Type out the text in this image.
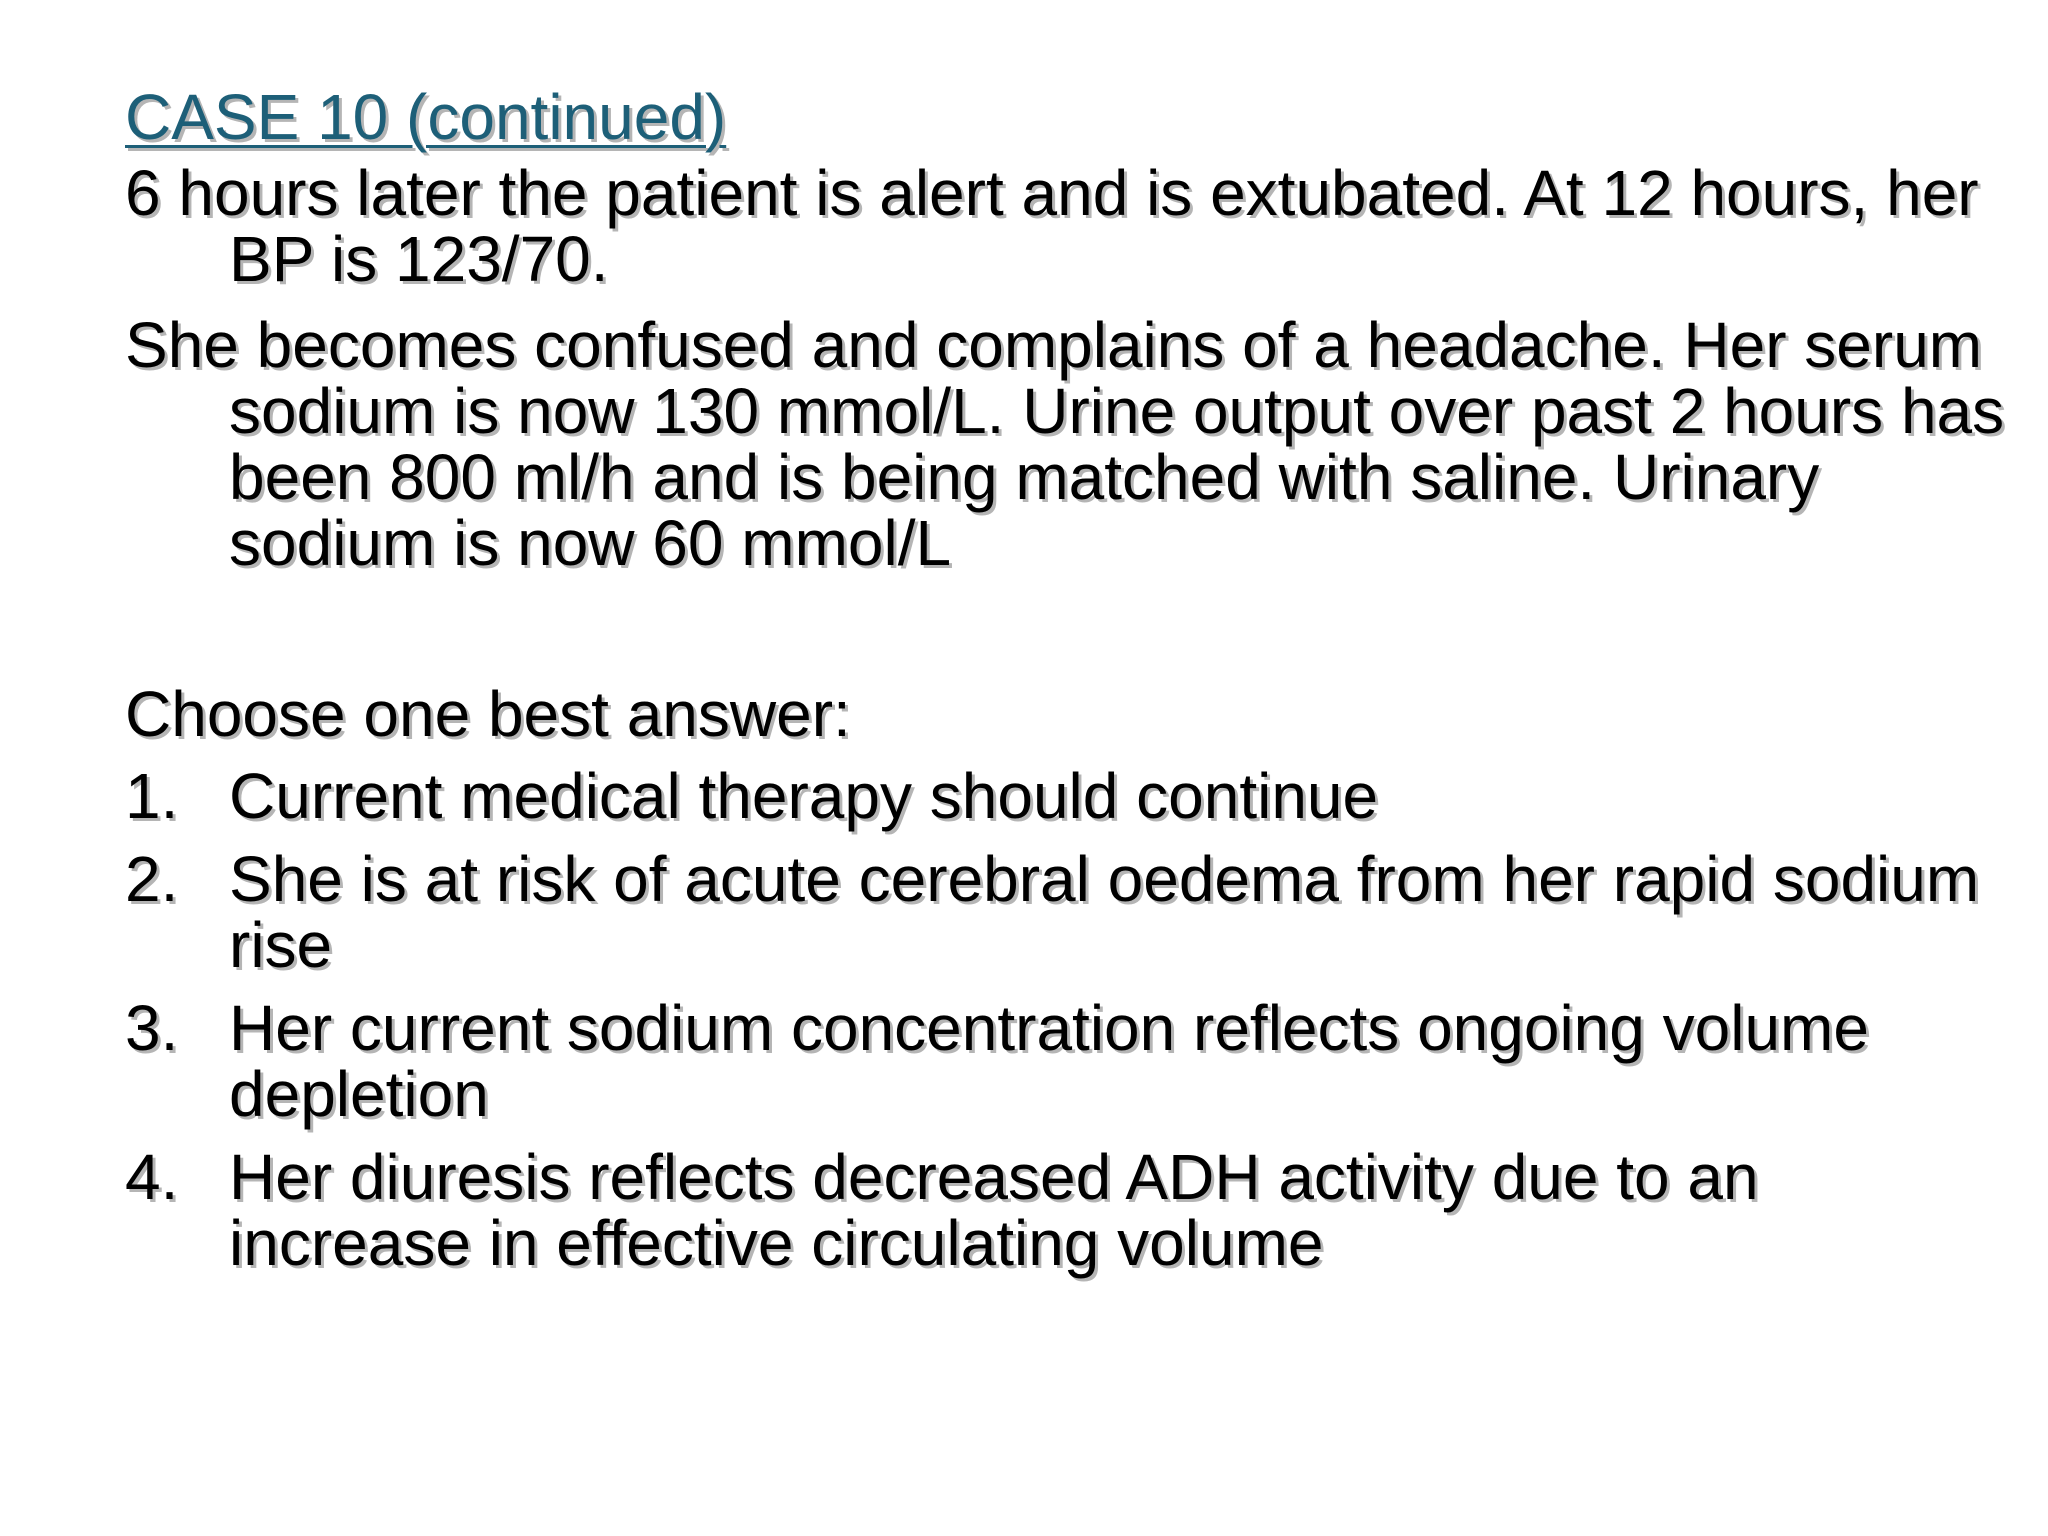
CASE 10 (continued)

6 hours later the patient is alert and is extubated. At 12 hours, her BP is 123/70.

She becomes confused and complains of a headache. Her serum sodium is now 130 mmol/L. Urine output over past 2 hours has been 800 ml/h and is being matched with saline. Urinary sodium is now 60 mmol/L

Choose one best answer:

1. Current medical therapy should continue
2. She is at risk of acute cerebral oedema from her rapid sodium rise
3. Her current sodium concentration reflects ongoing volume depletion
4. Her diuresis reflects decreased ADH activity due to an increase in effective circulating volume
